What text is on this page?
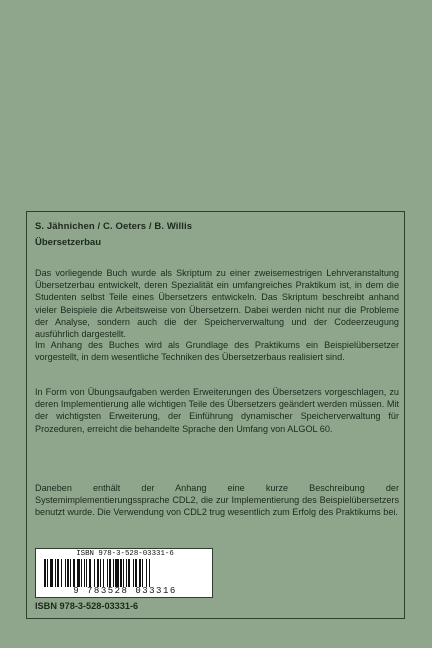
S. Jähnichen / C. Oeters / B. Willis
Übersetzerbau

Das vorliegende Buch wurde als Skriptum zu einer zweisemestrigen Lehrveranstaltung Übersetzerbau entwickelt, deren Spezialität ein umfangreiches Praktikum ist, in dem die Studenten selbst Teile eines Übersetzers entwickeln. Das Skriptum beschreibt anhand vieler Beispiele die Arbeitsweise von Übersetzern. Dabei werden nicht nur die Probleme der Analyse, sondern auch die der Speicherverwaltung und der Codeerzeugung ausführlich dargestellt.

Im Anhang des Buches wird als Grundlage des Praktikums ein Beispielübersetzer vorgestellt, in dem wesentliche Techniken des Übersetzerbaus realisiert sind.

In Form von Übungsaufgaben werden Erweiterungen des Übersetzers vorgeschlagen, zu deren Implementierung alle wichtigen Teile des Übersetzers geändert werden müssen. Mit der wichtigsten Erweiterung, der Einführung dynamischer Speicherverwaltung für Prozeduren, erreicht die behandelte Sprache den Umfang von ALGOL 60.

Daneben enthält der Anhang eine kurze Beschreibung der Systemimplementierungssprache CDL2, die zur Implementierung des Beispielübersetzers benutzt wurde. Die Verwendung von CDL2 trug wesentlich zum Erfolg des Praktikums bei.

ISBN 978-3-528-03331-6
9 783528 033316
ISBN 978-3-528-03331-6
